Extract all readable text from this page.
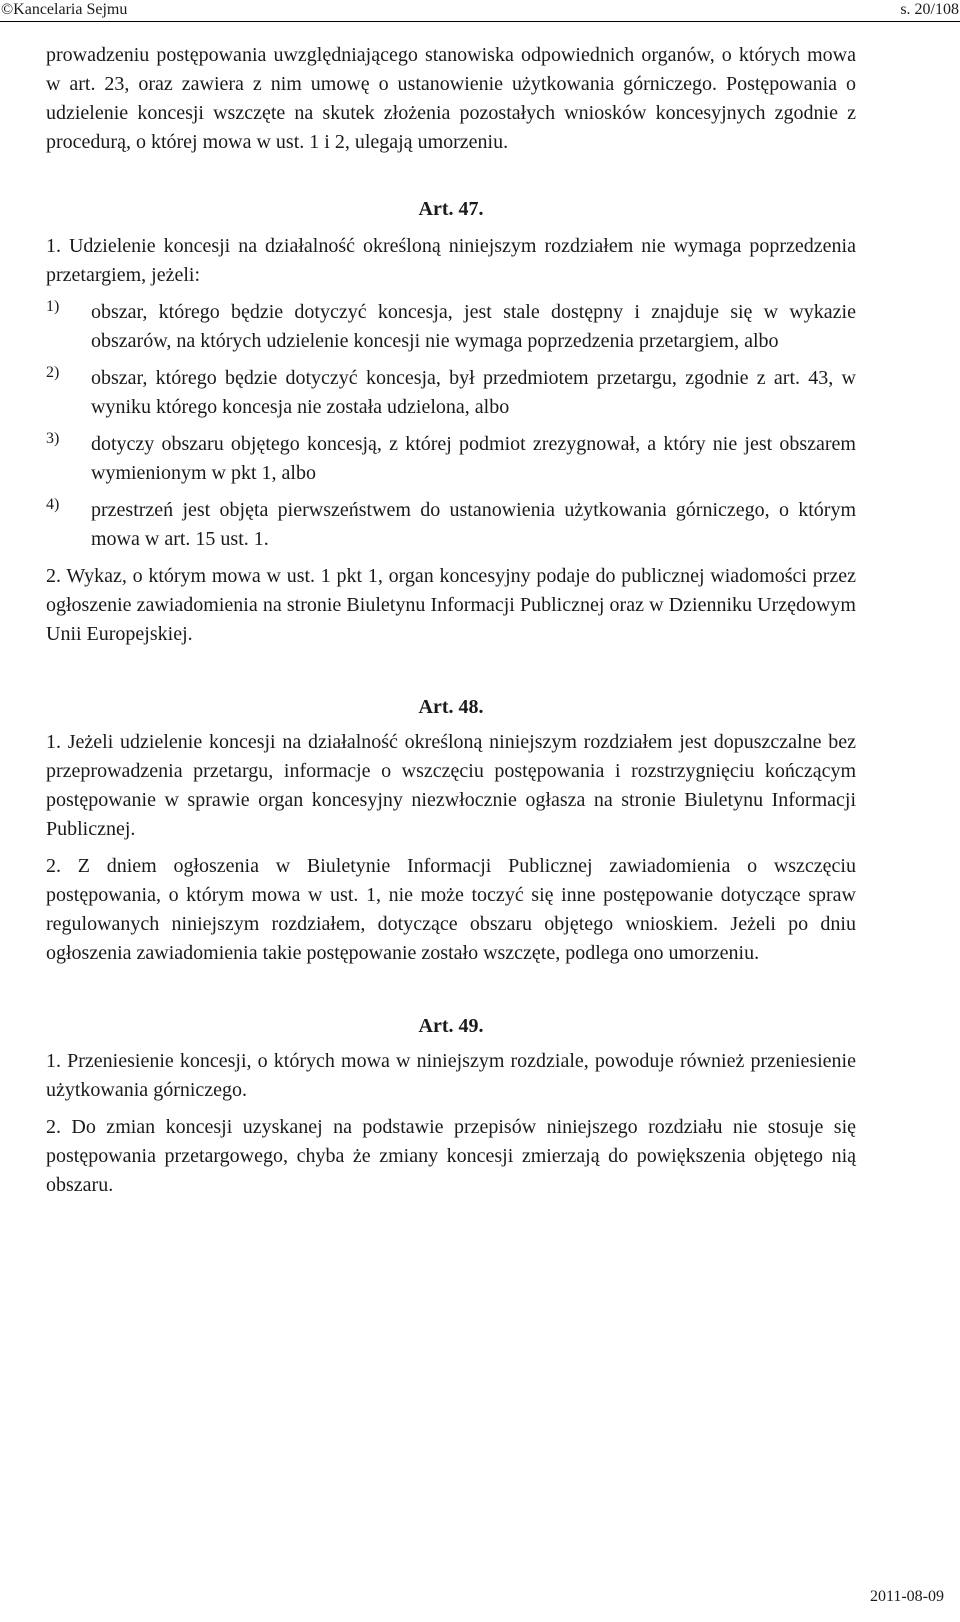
©Kancelaria Sejmu	s. 20/108

prowadzeniu postępowania uwzględniającego stanowiska odpowiednich organów, o których mowa w art. 23, oraz zawiera z nim umowę o ustanowienie użytkowania górniczego. Postępowania o udzielenie koncesji wszczęte na skutek złożenia pozostałych wniosków koncesyjnych zgodnie z procedurą, o której mowa w ust. 1 i 2, ulegają umorzeniu.

Art. 47.

1. Udzielenie koncesji na działalność określoną niniejszym rozdziałem nie wymaga poprzedzenia przetargiem, jeżeli:

1) obszar, którego będzie dotyczyć koncesja, jest stale dostępny i znajduje się w wykazie obszarów, na których udzielenie koncesji nie wymaga poprzedzenia przetargiem, albo

2) obszar, którego będzie dotyczyć koncesja, był przedmiotem przetargu, zgodnie z art. 43, w wyniku którego koncesja nie została udzielona, albo

3) dotyczy obszaru objętego koncesją, z której podmiot zrezygnował, a który nie jest obszarem wymienionym w pkt 1, albo

4) przestrzeń jest objęta pierwszeństwem do ustanowienia użytkowania górniczego, o którym mowa w art. 15 ust. 1.

2. Wykaz, o którym mowa w ust. 1 pkt 1, organ koncesyjny podaje do publicznej wiadomości przez ogłoszenie zawiadomienia na stronie Biuletynu Informacji Publicznej oraz w Dzienniku Urzędowym Unii Europejskiej.

Art. 48.

1. Jeżeli udzielenie koncesji na działalność określoną niniejszym rozdziałem jest dopuszczalne bez przeprowadzenia przetargu, informacje o wszczęciu postępowania i rozstrzygnięciu kończącym postępowanie w sprawie organ koncesyjny niezwłocznie ogłasza na stronie Biuletynu Informacji Publicznej.

2. Z dniem ogłoszenia w Biuletynie Informacji Publicznej zawiadomienia o wszczęciu postępowania, o którym mowa w ust. 1, nie może toczyć się inne postępowanie dotyczące spraw regulowanych niniejszym rozdziałem, dotyczące obszaru objętego wnioskiem. Jeżeli po dniu ogłoszenia zawiadomienia takie postępowanie zostało wszczęte, podlega ono umorzeniu.

Art. 49.

1. Przeniesienie koncesji, o których mowa w niniejszym rozdziale, powoduje również przeniesienie użytkowania górniczego.

2. Do zmian koncesji uzyskanej na podstawie przepisów niniejszego rozdziału nie stosuje się postępowania przetargowego, chyba że zmiany koncesji zmierzają do powiększenia objętego nią obszaru.

2011-08-09
